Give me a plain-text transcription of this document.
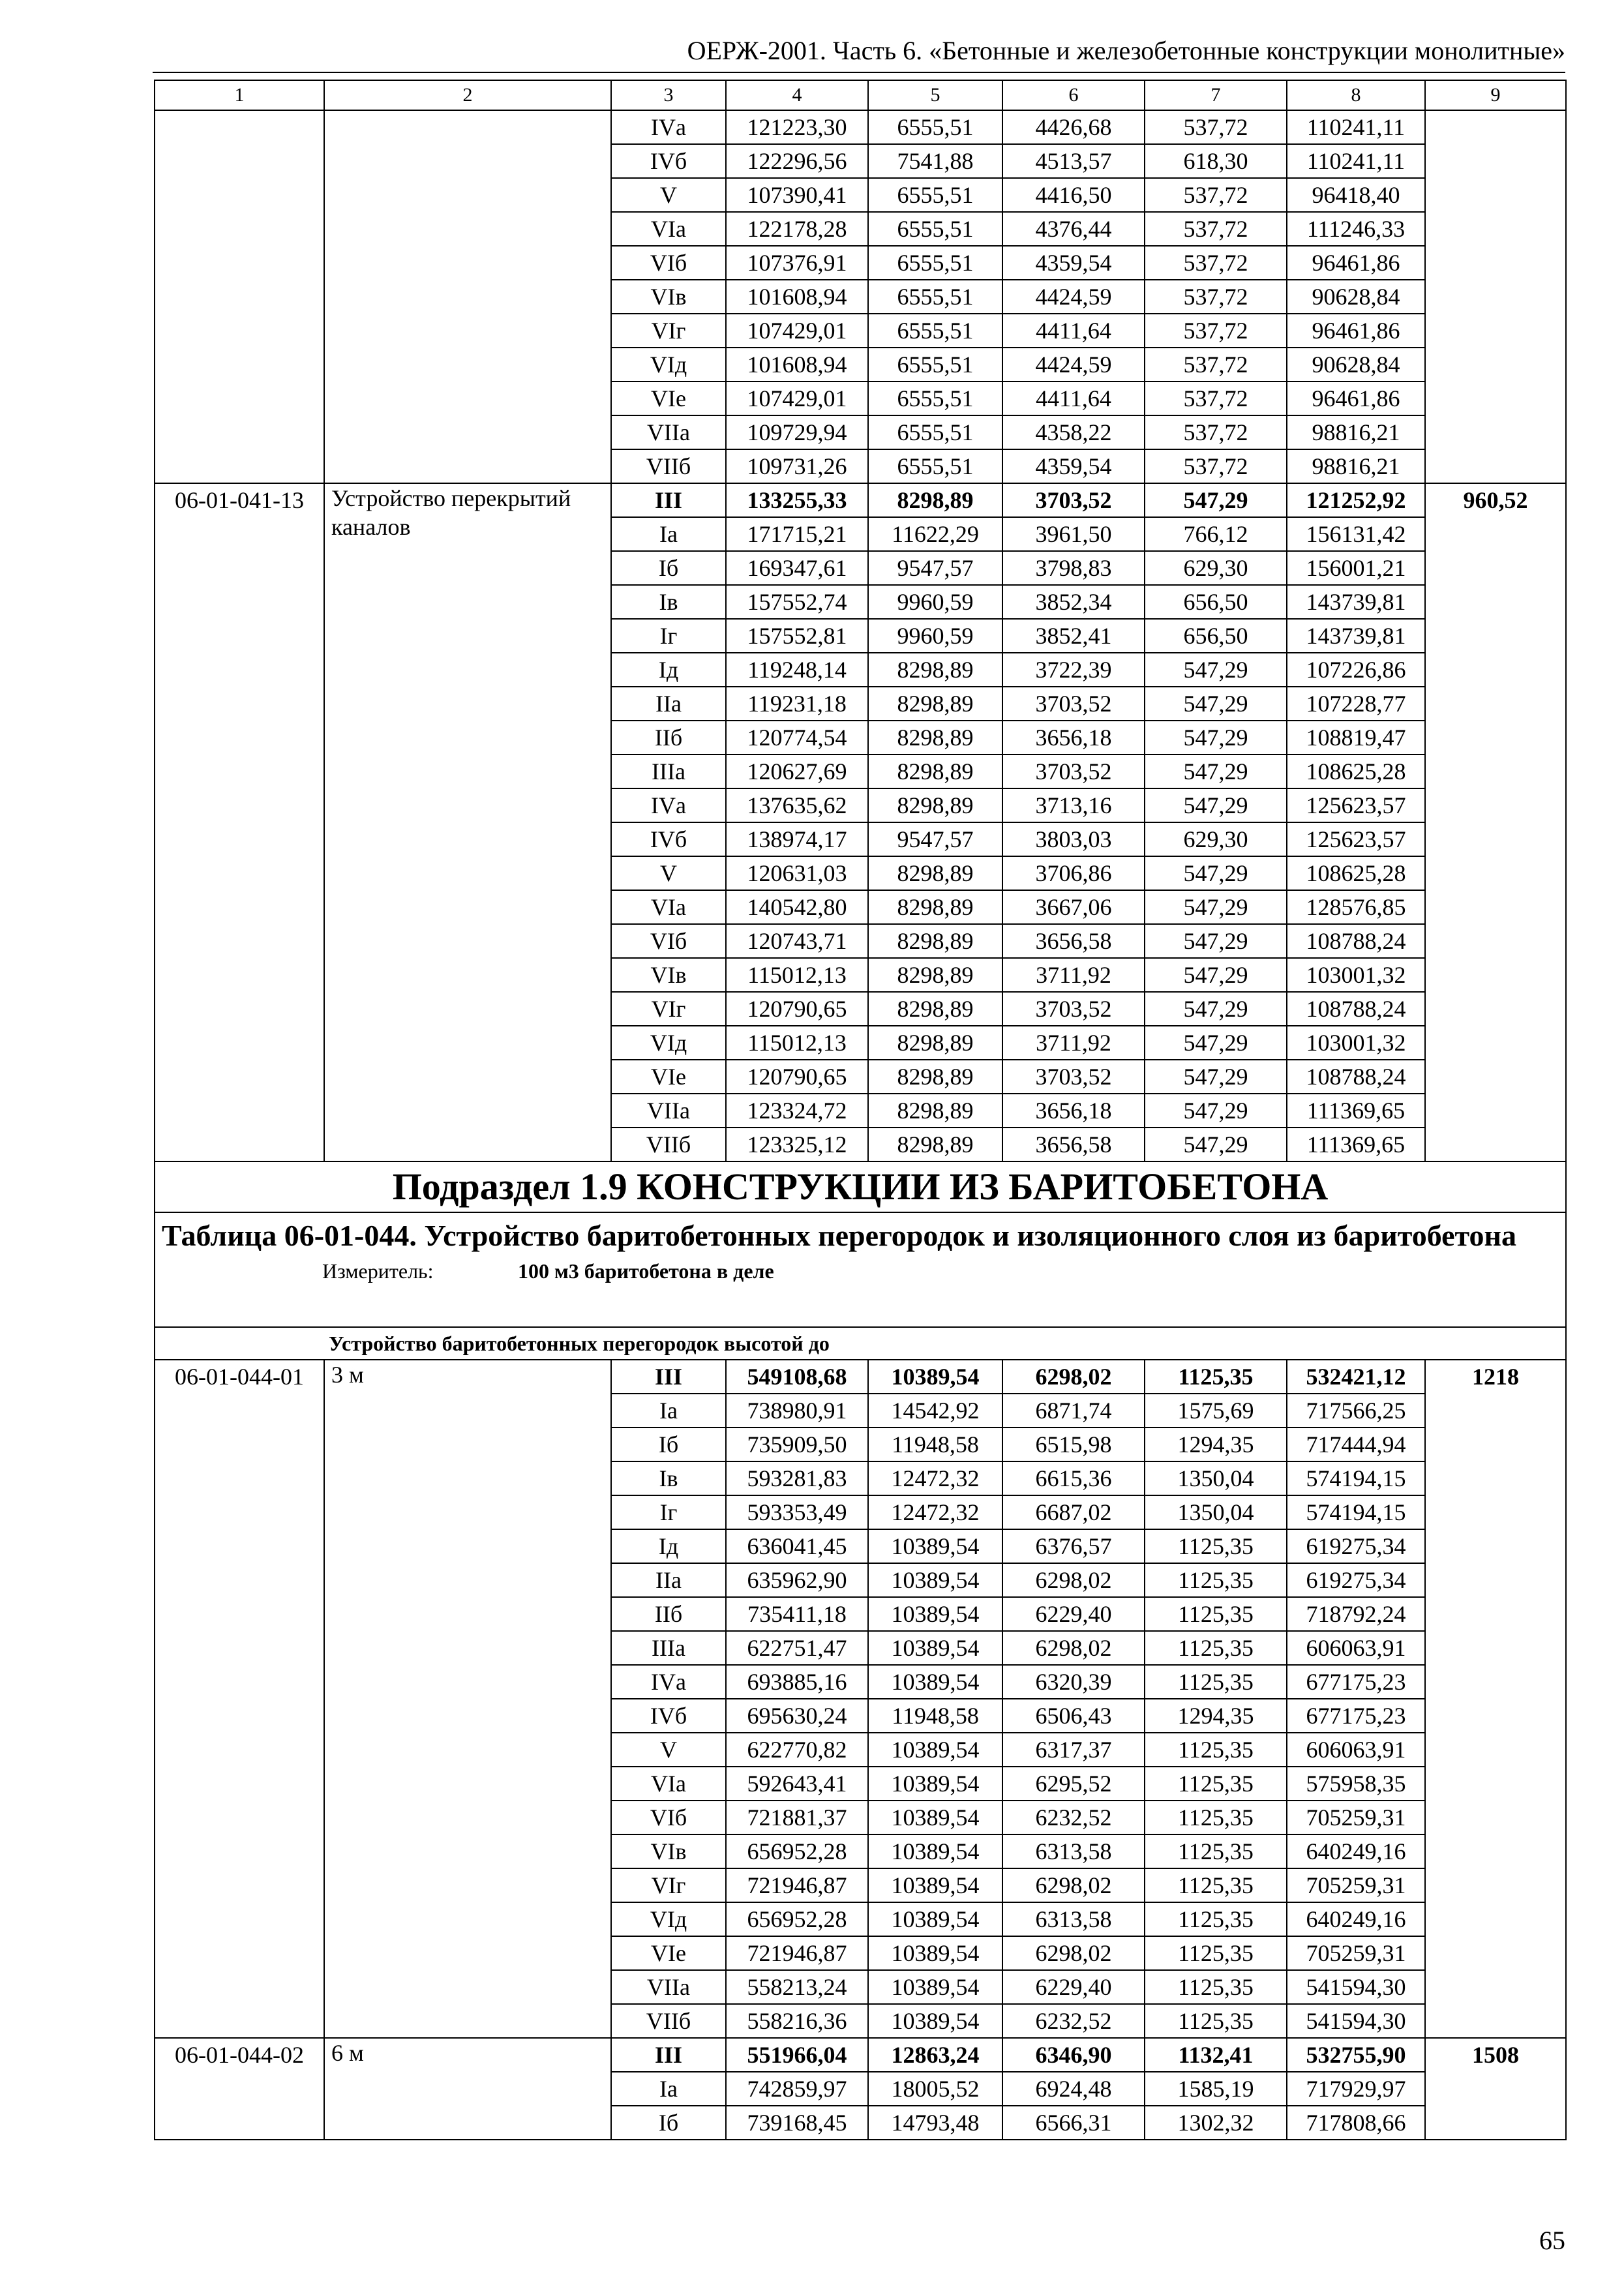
ОЕРЖ-2001. Часть 6. «Бетонные и железобетонные конструкции монолитные»
1	2	3	4	5	6	7	8	9
		IVа	121223,30	6555,51	4426,68	537,72	110241,11	
		IVб	122296,56	7541,88	4513,57	618,30	110241,11	
		V	107390,41	6555,51	4416,50	537,72	96418,40	
		VIа	122178,28	6555,51	4376,44	537,72	111246,33	
		VIб	107376,91	6555,51	4359,54	537,72	96461,86	
		VIв	101608,94	6555,51	4424,59	537,72	90628,84	
		VIг	107429,01	6555,51	4411,64	537,72	96461,86	
		VIд	101608,94	6555,51	4424,59	537,72	90628,84	
		VIе	107429,01	6555,51	4411,64	537,72	96461,86	
		VIIа	109729,94	6555,51	4358,22	537,72	98816,21	
		VIIб	109731,26	6555,51	4359,54	537,72	98816,21	
06-01-041-13	Устройство перекрытий каналов	III	133255,33	8298,89	3703,52	547,29	121252,92	960,52
		Iа	171715,21	11622,29	3961,50	766,12	156131,42	
		Iб	169347,61	9547,57	3798,83	629,30	156001,21	
		Iв	157552,74	9960,59	3852,34	656,50	143739,81	
		Iг	157552,81	9960,59	3852,41	656,50	143739,81	
		Iд	119248,14	8298,89	3722,39	547,29	107226,86	
		IIа	119231,18	8298,89	3703,52	547,29	107228,77	
		IIб	120774,54	8298,89	3656,18	547,29	108819,47	
		IIIа	120627,69	8298,89	3703,52	547,29	108625,28	
		IVа	137635,62	8298,89	3713,16	547,29	125623,57	
		IVб	138974,17	9547,57	3803,03	629,30	125623,57	
		V	120631,03	8298,89	3706,86	547,29	108625,28	
		VIа	140542,80	8298,89	3667,06	547,29	128576,85	
		VIб	120743,71	8298,89	3656,58	547,29	108788,24	
		VIв	115012,13	8298,89	3711,92	547,29	103001,32	
		VIг	120790,65	8298,89	3703,52	547,29	108788,24	
		VIд	115012,13	8298,89	3711,92	547,29	103001,32	
		VIе	120790,65	8298,89	3703,52	547,29	108788,24	
		VIIа	123324,72	8298,89	3656,18	547,29	111369,65	
		VIIб	123325,12	8298,89	3656,58	547,29	111369,65	
Подраздел 1.9 КОНСТРУКЦИИ ИЗ БАРИТОБЕТОНА								

Таблица 06-01-044. Устройство баритобетонных перегородок и изоляционного слоя из баритобетона
Измеритель: 100 м3 баритобетона в деле								

Устройство баритобетонных перегородок высотой до								
06-01-044-01	3 м	III	549108,68	10389,54	6298,02	1125,35	532421,12	1218
		Iа	738980,91	14542,92	6871,74	1575,69	717566,25	
		Iб	735909,50	11948,58	6515,98	1294,35	717444,94	
		Iв	593281,83	12472,32	6615,36	1350,04	574194,15	
		Iг	593353,49	12472,32	6687,02	1350,04	574194,15	
		Iд	636041,45	10389,54	6376,57	1125,35	619275,34	
		IIа	635962,90	10389,54	6298,02	1125,35	619275,34	
		IIб	735411,18	10389,54	6229,40	1125,35	718792,24	
		IIIа	622751,47	10389,54	6298,02	1125,35	606063,91	
		IVа	693885,16	10389,54	6320,39	1125,35	677175,23	
		IVб	695630,24	11948,58	6506,43	1294,35	677175,23	
		V	622770,82	10389,54	6317,37	1125,35	606063,91	
		VIа	592643,41	10389,54	6295,52	1125,35	575958,35	
		VIб	721881,37	10389,54	6232,52	1125,35	705259,31	
		VIв	656952,28	10389,54	6313,58	1125,35	640249,16	
		VIг	721946,87	10389,54	6298,02	1125,35	705259,31	
		VIд	656952,28	10389,54	6313,58	1125,35	640249,16	
		VIе	721946,87	10389,54	6298,02	1125,35	705259,31	
		VIIа	558213,24	10389,54	6229,40	1125,35	541594,30	
		VIIб	558216,36	10389,54	6232,52	1125,35	541594,30	
06-01-044-02	6 м	III	551966,04	12863,24	6346,90	1132,41	532755,90	1508
		Iа	742859,97	18005,52	6924,48	1585,19	717929,97	
		Iб	739168,45	14793,48	6566,31	1302,32	717808,66	
65
